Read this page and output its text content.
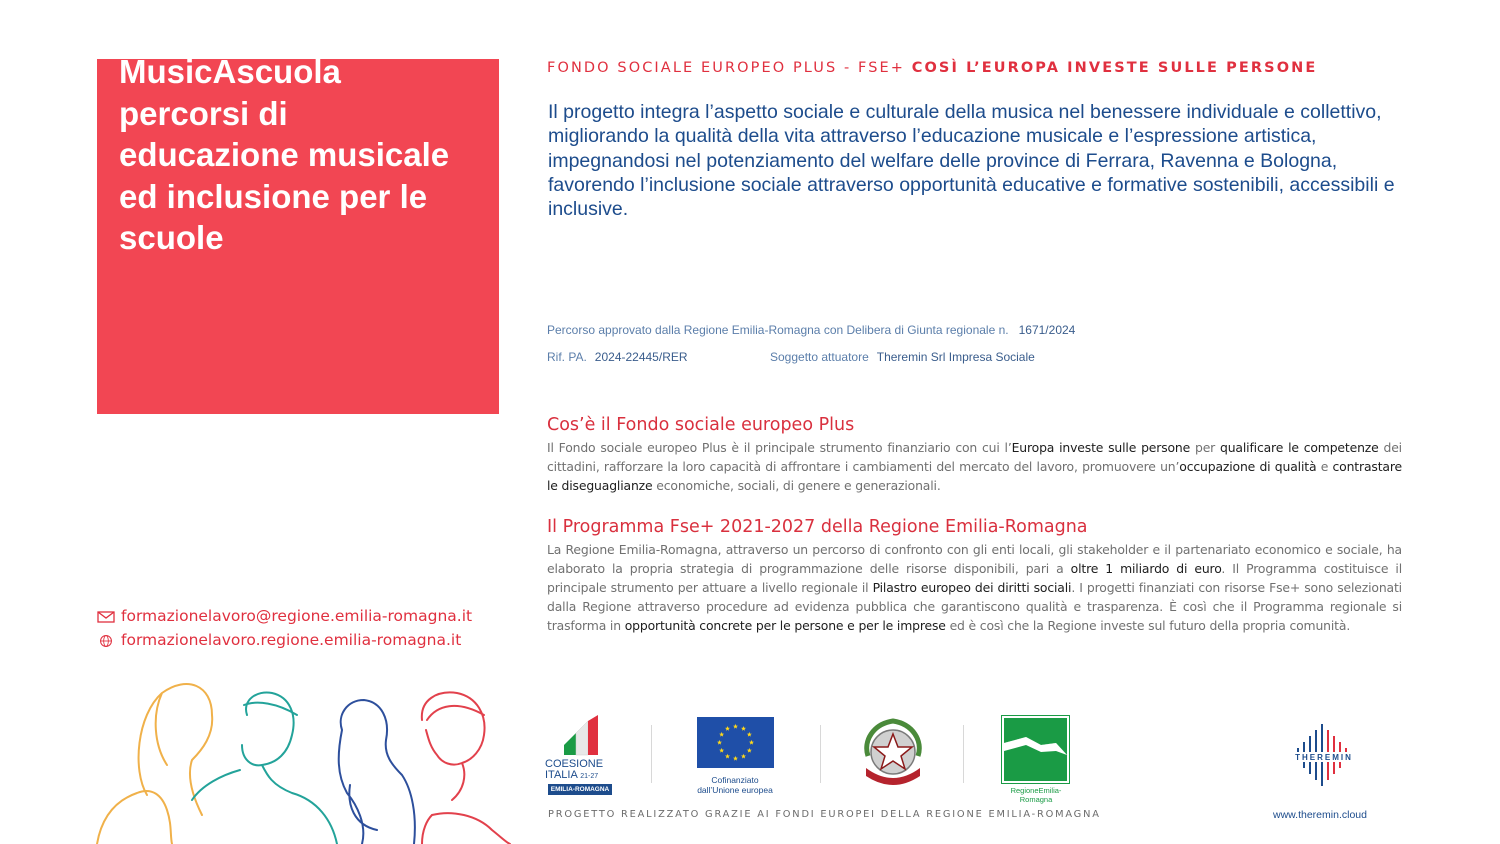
MusicAscuola
percorsi di
educazione musicale
ed inclusione per le
scuole
FONDO SOCIALE EUROPEO PLUS - FSE+ COSÌ L’EUROPA INVESTE SULLE PERSONE
Il progetto integra l’aspetto sociale e culturale della musica nel benessere individuale e collettivo, migliorando la qualità della vita attraverso l’educazione musicale e l’espressione artistica, impegnandosi nel potenziamento del welfare delle province di Ferrara, Ravenna e Bologna, favorendo l’inclusione sociale attraverso opportunità educative e formative sostenibili, accessibili e inclusive.
Percorso approvato dalla Regione Emilia-Romagna con Delibera di Giunta regionale n. 1671/2024
Rif. PA. 2024-22445/RER	Soggetto attuatore Theremin Srl Impresa Sociale
Cos’è il Fondo sociale europeo Plus
Il Fondo sociale europeo Plus è il principale strumento finanziario con cui l’Europa investe sulle persone per qualificare le competenze dei cittadini, rafforzare la loro capacità di affrontare i cambiamenti del mercato del lavoro, promuovere un’occupazione di qualità e contrastare le diseguaglianze economiche, sociali, di genere e generazionali.
Il Programma Fse+ 2021-2027 della Regione Emilia-Romagna
La Regione Emilia-Romagna, attraverso un percorso di confronto con gli enti locali, gli stakeholder e il partenariato economico e sociale, ha elaborato la propria strategia di programmazione delle risorse disponibili, pari a oltre 1 miliardo di euro. Il Programma costituisce il principale strumento per attuare a livello regionale il Pilastro europeo dei diritti sociali. I progetti finanziati con risorse Fse+ sono selezionati dalla Regione attraverso procedure ad evidenza pubblica che garantiscono qualità e trasparenza. È così che il Programma regionale si trasforma in opportunità concrete per le persone e per le imprese ed è così che la Regione investe sul futuro della propria comunità.
formazionelavoro@regione.emilia-romagna.it
formazionelavoro.regione.emilia-romagna.it
COESIONE
ITALIA 21-27
EMILIA-ROMAGNA
Cofinanziato
dall’Unione europea	RegioneEmilia-Romagna
THEREMIN
PROGETTO REALIZZATO GRAZIE AI FONDI EUROPEI DELLA REGIONE EMILIA-ROMAGNA	www.theremin.cloud
